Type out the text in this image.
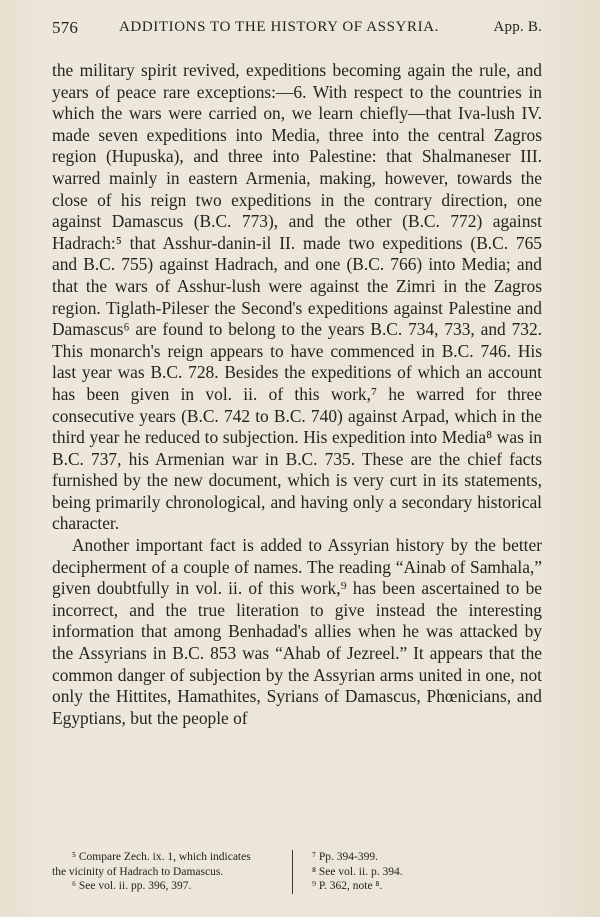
576	ADDITIONS TO THE HISTORY OF ASSYRIA.	App. B.

the military spirit revived, expeditions becoming again the rule, and years of peace rare exceptions:—6. With respect to the countries in which the wars were carried on, we learn chiefly—that Iva-lush IV. made seven expeditions into Media, three into the central Zagros region (Hupuska), and three into Palestine: that Shalmaneser III. warred mainly in eastern Armenia, making, however, towards the close of his reign two expeditions in the contrary direction, one against Damascus (B.C. 773), and the other (B.C. 772) against Hadrach:⁵ that Asshur-danin-il II. made two expeditions (B.C. 765 and B.C. 755) against Hadrach, and one (B.C. 766) into Media; and that the wars of Asshur-lush were against the Zimri in the Zagros region. Tiglath-Pileser the Second's expeditions against Palestine and Damascus⁶ are found to belong to the years B.C. 734, 733, and 732. This monarch's reign appears to have commenced in B.C. 746. His last year was B.C. 728. Besides the expeditions of which an account has been given in vol. ii. of this work,⁷ he warred for three consecutive years (B.C. 742 to B.C. 740) against Arpad, which in the third year he reduced to subjection. His expedition into Media⁸ was in B.C. 737, his Armenian war in B.C. 735. These are the chief facts furnished by the new document, which is very curt in its statements, being primarily chronological, and having only a secondary historical character.

Another important fact is added to Assyrian history by the better decipherment of a couple of names. The reading “Ainab of Samhala,” given doubtfully in vol. ii. of this work,⁹ has been ascertained to be incorrect, and the true literation to give instead the interesting information that among Benhadad's allies when he was attacked by the Assyrians in B.C. 853 was “Ahab of Jezreel.” It appears that the common danger of subjection by the Assyrian arms united in one, not only the Hittites, Hamathites, Syrians of Damascus, Phœnicians, and Egyptians, but the people of

⁵ Compare Zech. ix. 1, which indicates

the vicinity of Hadrach to Damascus.

⁶ See vol. ii. pp. 396, 397.

⁷ Pp. 394-399.

⁸ See vol. ii. p. 394.

⁹ P. 362, note ⁸.
